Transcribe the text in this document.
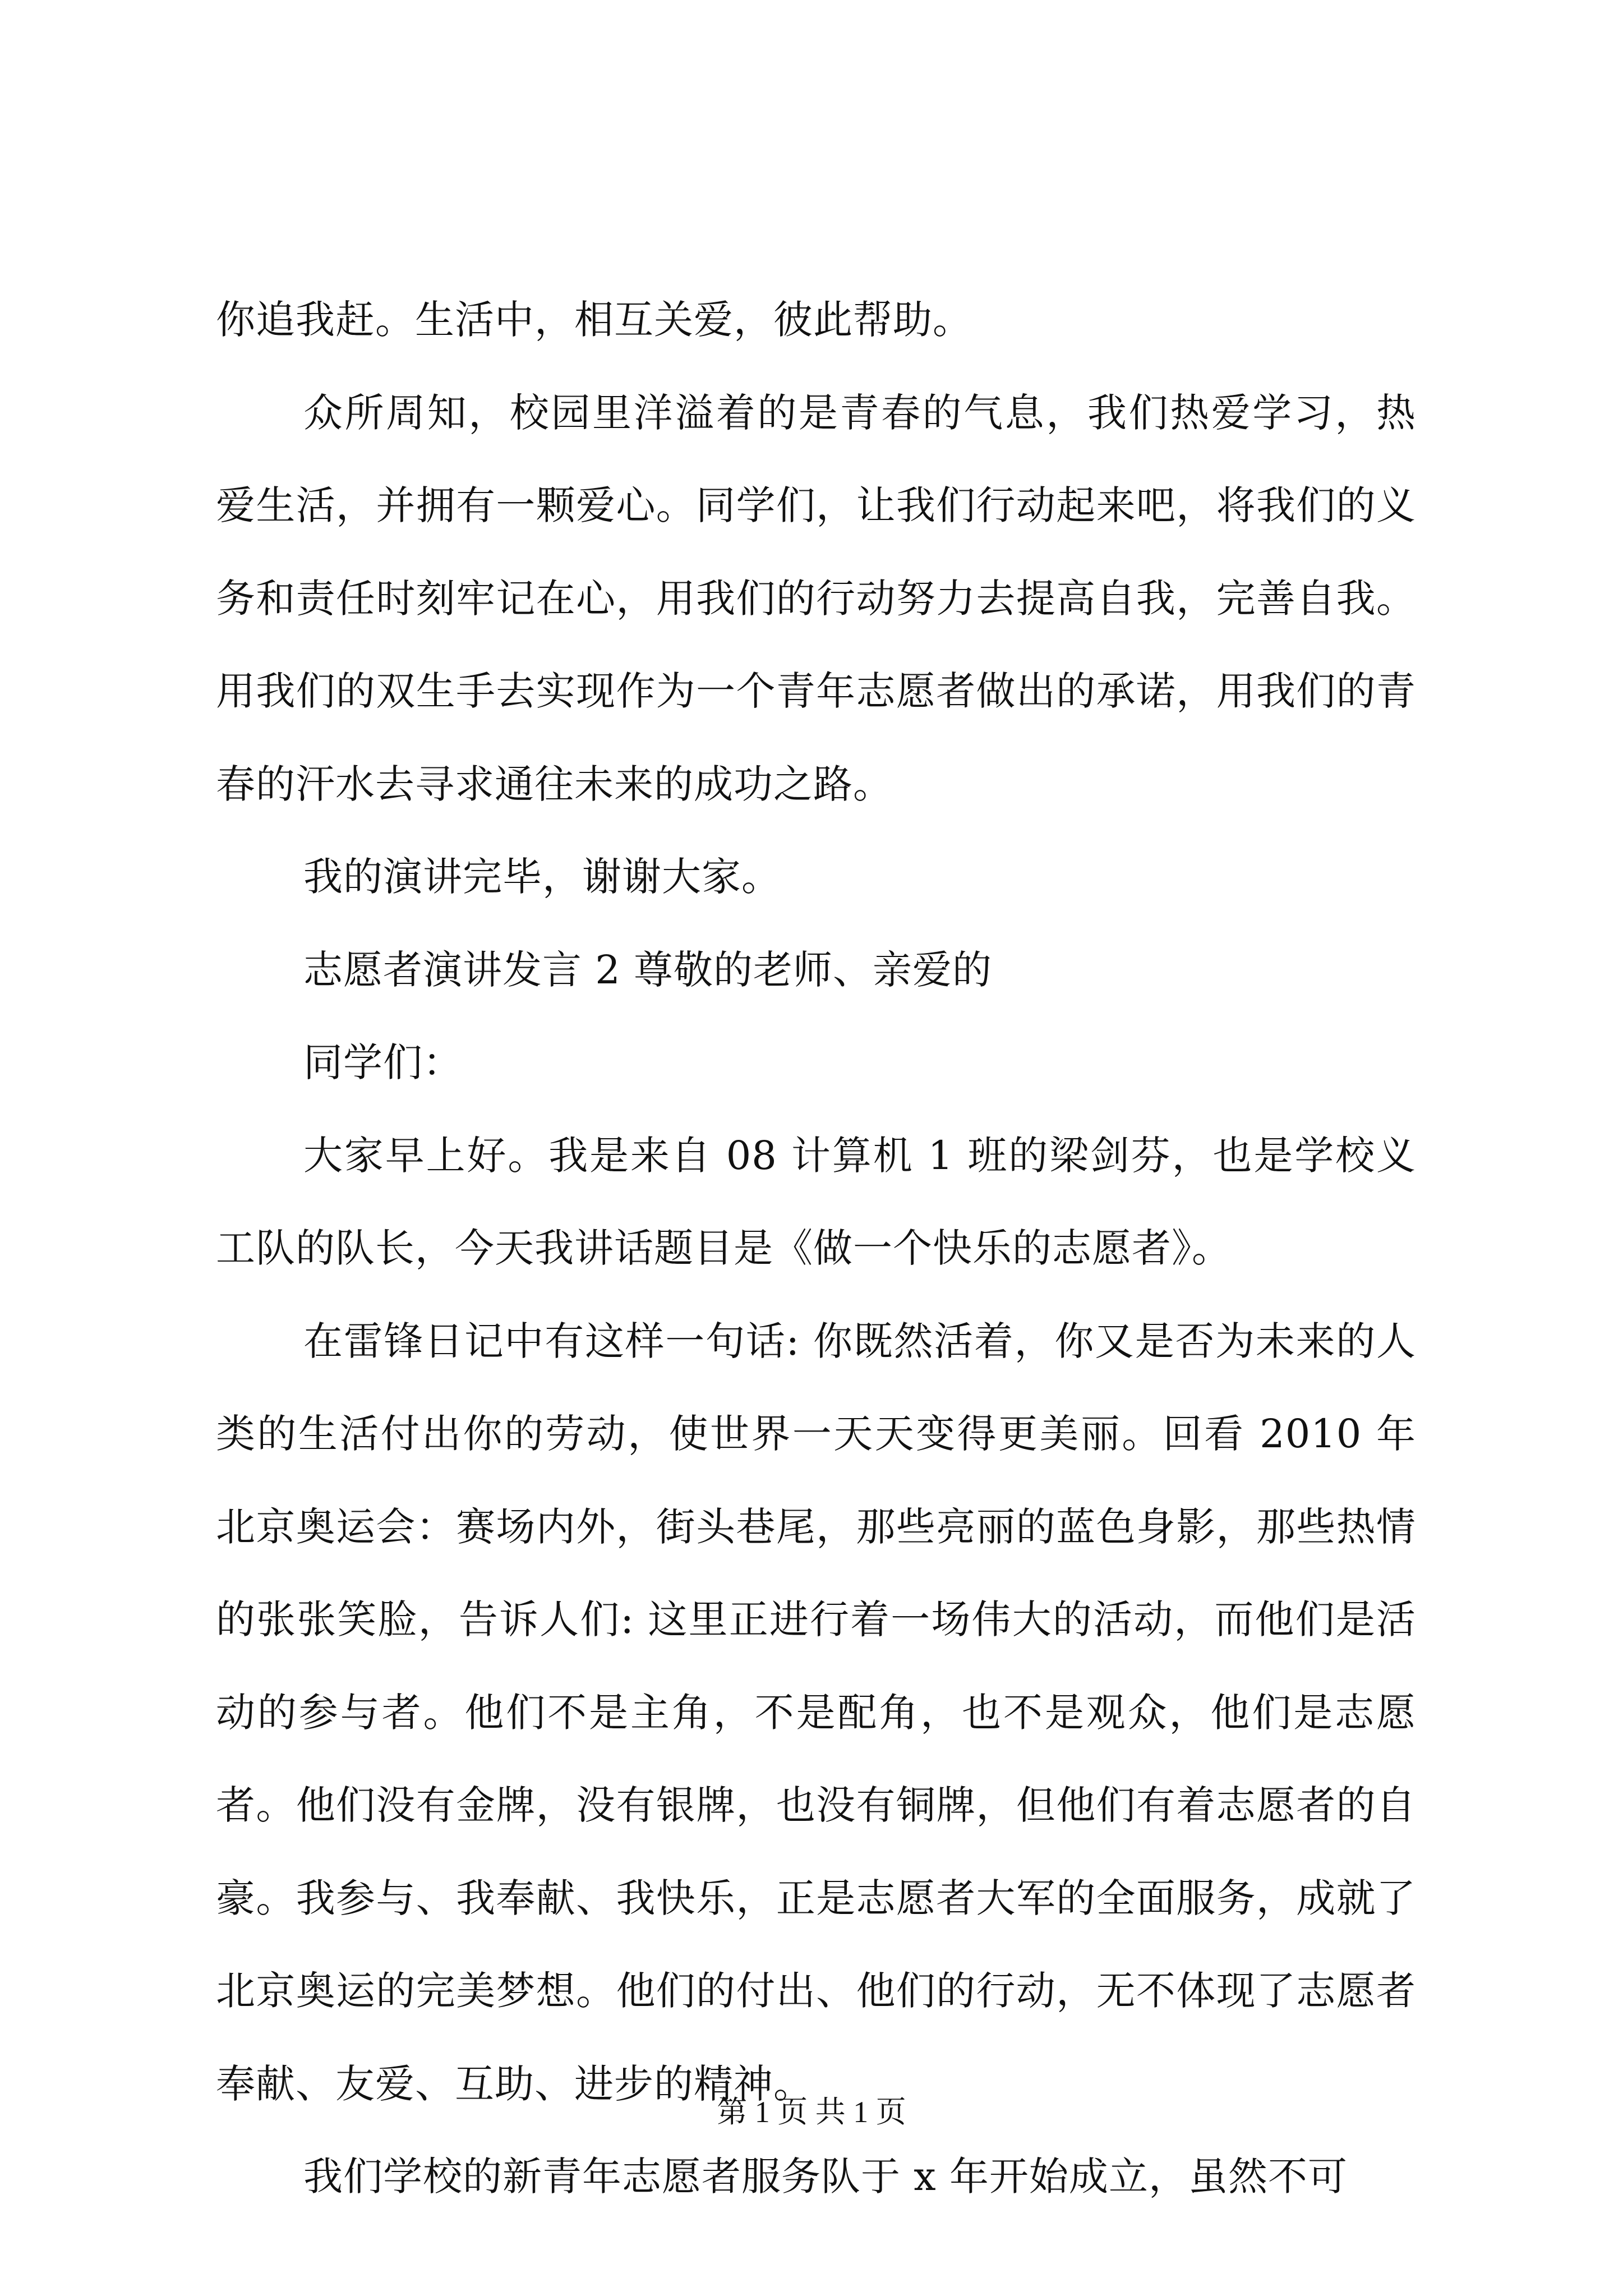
你追我赶。生活中，相互关爱，彼此帮助。

众所周知，校园里洋溢着的是青春的气息，我们热爱学习，热爱生活，并拥有一颗爱心。同学们，让我们行动起来吧，将我们的义务和责任时刻牢记在心，用我们的行动努力去提高自我，完善自我。用我们的双生手去实现作为一个青年志愿者做出的承诺，用我们的青春的汗水去寻求通往未来的成功之路。

我的演讲完毕，谢谢大家。

志愿者演讲发言 2 尊敬的老师、亲爱的

同学们：

大家早上好。我是来自 08 计算机 1 班的梁剑芬，也是学校义工队的队长，今天我讲话题目是《做一个快乐的志愿者》。

在雷锋日记中有这样一句话: 你既然活着，你又是否为未来的人类的生活付出你的劳动，使世界一天天变得更美丽。回看 2010 年北京奥运会：赛场内外，街头巷尾，那些亮丽的蓝色身影，那些热情的张张笑脸，告诉人们: 这里正进行着一场伟大的活动，而他们是活动的参与者。他们不是主角，不是配角，也不是观众，他们是志愿者。他们没有金牌，没有银牌，也没有铜牌，但他们有着志愿者的自豪。我参与、我奉献、我快乐，正是志愿者大军的全面服务，成就了北京奥运的完美梦想。他们的付出、他们的行动，无不体现了志愿者奉献、友爱、互助、进步的精神。

我们学校的新青年志愿者服务队于 x 年开始成立，虽然不可

第 1 页 共 1 页
